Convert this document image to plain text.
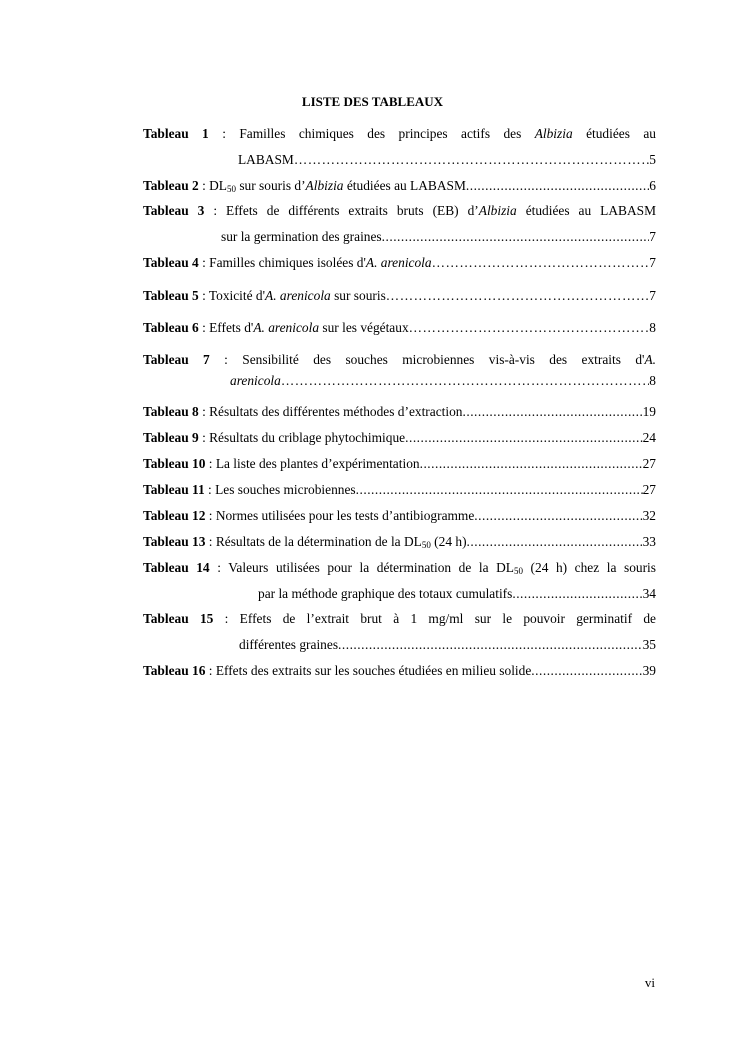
LISTE DES TABLEAUX
Tableau 1 : Familles chimiques des principes actifs des Albizia étudiées au
LABASM …………………………………………………………………………………………………………………………………………………………………………	5
Tableau 2 : $DL_{50}$ sur souris d’Albizia étudiées au LABASM .....	6
Tableau 3 : Effets de différents extraits bruts (EB) d’Albizia étudiées au LABASM
sur la germination des graines .....	7
Tableau 4 : Familles chimiques isolées d'A. arenicola …………………………………………………………………………………………………………………………………………………………………………	7
Tableau 5 : Toxicité d'A. arenicola sur souris …………………………………………………………………………………………………………………………………………………………………………	7
Tableau 6 : Effets d'A. arenicola sur les végétaux …………………………………………………………………………………………………………………………………………………………………………	8
Tableau 7 : Sensibilité des souches microbiennes vis-à-vis des extraits d'A.
arenicola …………………………………………………………………………………………………………………………………………………………………………	8
Tableau 8 : Résultats des différentes méthodes d’extraction .....	19
Tableau 9 : Résultats du criblage phytochimique .....	24
Tableau 10 : La liste des plantes d’expérimentation .....	27
Tableau 11 : Les souches microbiennes .....	27
Tableau 12 : Normes utilisées pour les tests d’antibiogramme .....	32
Tableau 13 : Résultats de la détermination de la $DL_{50}$ (24 h) .....	33
Tableau 14 : Valeurs utilisées pour la détermination de la $DL_{50}$ (24 h) chez la souris
par la méthode graphique des totaux cumulatifs .....	34
Tableau 15 : Effets de l’extrait brut à 1 mg/ml sur le pouvoir germinatif de
différentes graines .....	35
Tableau 16 : Effets des extraits sur les souches étudiées en milieu solide .....	39
vi
